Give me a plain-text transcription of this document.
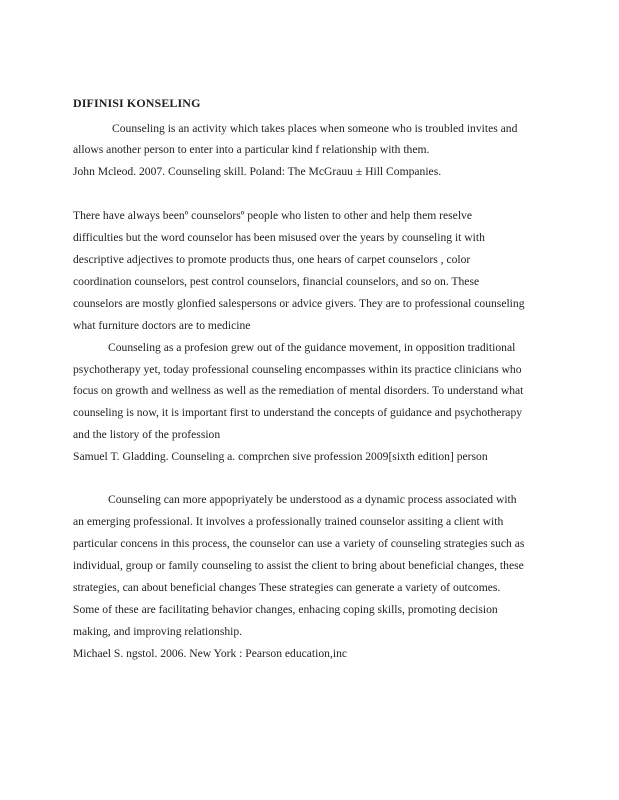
DIFINISI KONSELING
Counseling is an activity which takes places when someone who is troubled invites and
allows another person to enter into a particular kind f relationship with them.
John Mcleod. 2007. Counseling skill. Poland: The McGrauu ± Hill Companies.
There have always beenº counselorsº people who listen to other and help them reselve
difficulties but the word counselor has been misused over the years by counseling it with
descriptive adjectives to promote products thus, one hears of carpet counselors , color
coordination counselors, pest control counselors, financial counselors, and so on. These
counselors are mostly glonfied salespersons or advice givers. They are to professional counseling
what furniture doctors are to medicine
Counseling as a profesion grew out of the guidance movement, in opposition traditional
psychotherapy yet, today professional counseling encompasses within its practice clinicians who
focus on growth and wellness as well as the remediation of mental disorders. To understand what
counseling is now, it is important first to understand the concepts of guidance and psychotherapy
and the listory of the profession
Samuel T. Gladding. Counseling a. comprchen sive profession 2009[sixth edition] person
Counseling can more appopriyately be understood as a dynamic process associated with
an emerging professional. It involves a professionally trained counselor assiting a client with
particular concens in this process, the counselor can use a variety of counseling strategies such as
individual, group or family counseling to assist the client to bring about beneficial changes, these
strategies, can about beneficial changes These strategies can generate a variety of outcomes.
Some of these are facilitating behavior changes, enhacing coping skills, promoting decision
making, and improving relationship.
Michael S. ngstol. 2006. New York : Pearson education,inc
